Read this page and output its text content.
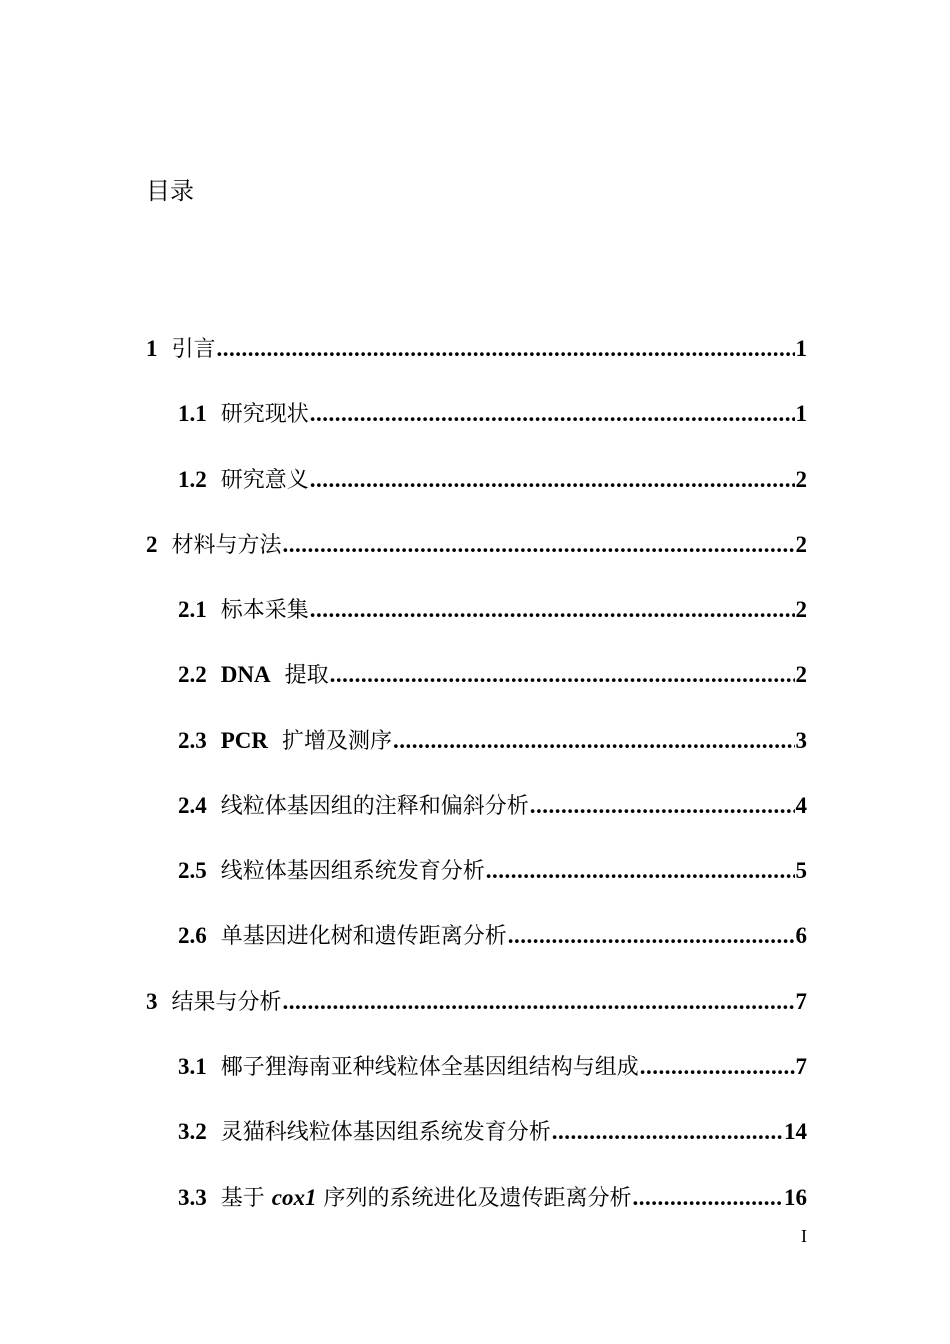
目录
1 引言 .....	1
1.1 研究现状 .....	1
1.2 研究意义 .....	2
2 材料与方法 .....	2
2.1 标本采集 .....	2
2.2 DNA 提取 .....	2
2.3 PCR 扩增及测序 .....	3
2.4 线粒体基因组的注释和偏斜分析 .....	4
2.5 线粒体基因组系统发育分析 .....	5
2.6 单基因进化树和遗传距离分析 .....	6
3 结果与分析 .....	7
3.1 椰子狸海南亚种线粒体全基因组结构与组成 .....	7
3.2 灵猫科线粒体基因组系统发育分析 .....	14
3.3 基于 cox1 序列的系统进化及遗传距离分析 .....	16
I
